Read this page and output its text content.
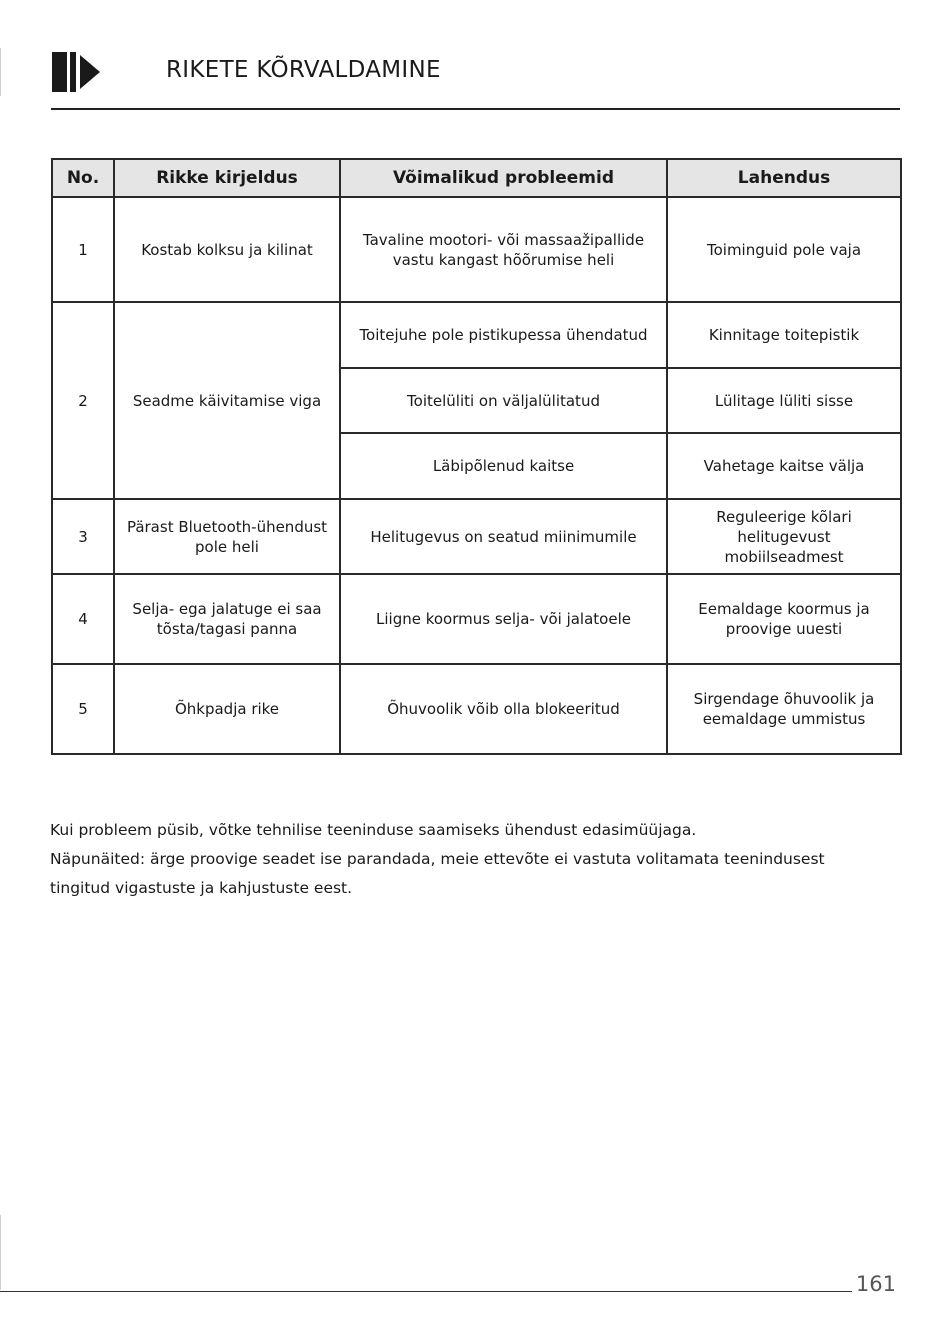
RIKETE KÕRVALDAMINE
No.	Rikke kirjeldus	Võimalikud probleemid	Lahendus
1	Kostab kolksu ja kilinat	Tavaline mootori- või massaažipallide vastu kangast hõõrumise heli	Toiminguid pole vaja
2	Seadme käivitamise viga	Toitejuhe pole pistikupessa ühendatud	Kinnitage toitepistik
		Toitelüliti on väljalülitatud	Lülitage lüliti sisse
		Läbipõlenud kaitse	Vahetage kaitse välja
3	Pärast Bluetooth-ühendust pole heli	Helitugevus on seatud miinimumile	Reguleerige kõlari helitugevust mobiilseadmest
4	Selja- ega jalatuge ei saa tõsta/tagasi panna	Liigne koormus selja- või jalatoele	Eemaldage koormus ja proovige uuesti
5	Õhkpadja rike	Õhuvoolik võib olla blokeeritud	Sirgendage õhuvoolik ja eemaldage ummistus

Kui probleem püsib, võtke tehnilise teeninduse saamiseks ühendust edasimüüjaga.

Näpunäited: ärge proovige seadet ise parandada, meie ettevõte ei vastuta volitamata teenindusest

tingitud vigastuste ja kahjustuste eest.

161
